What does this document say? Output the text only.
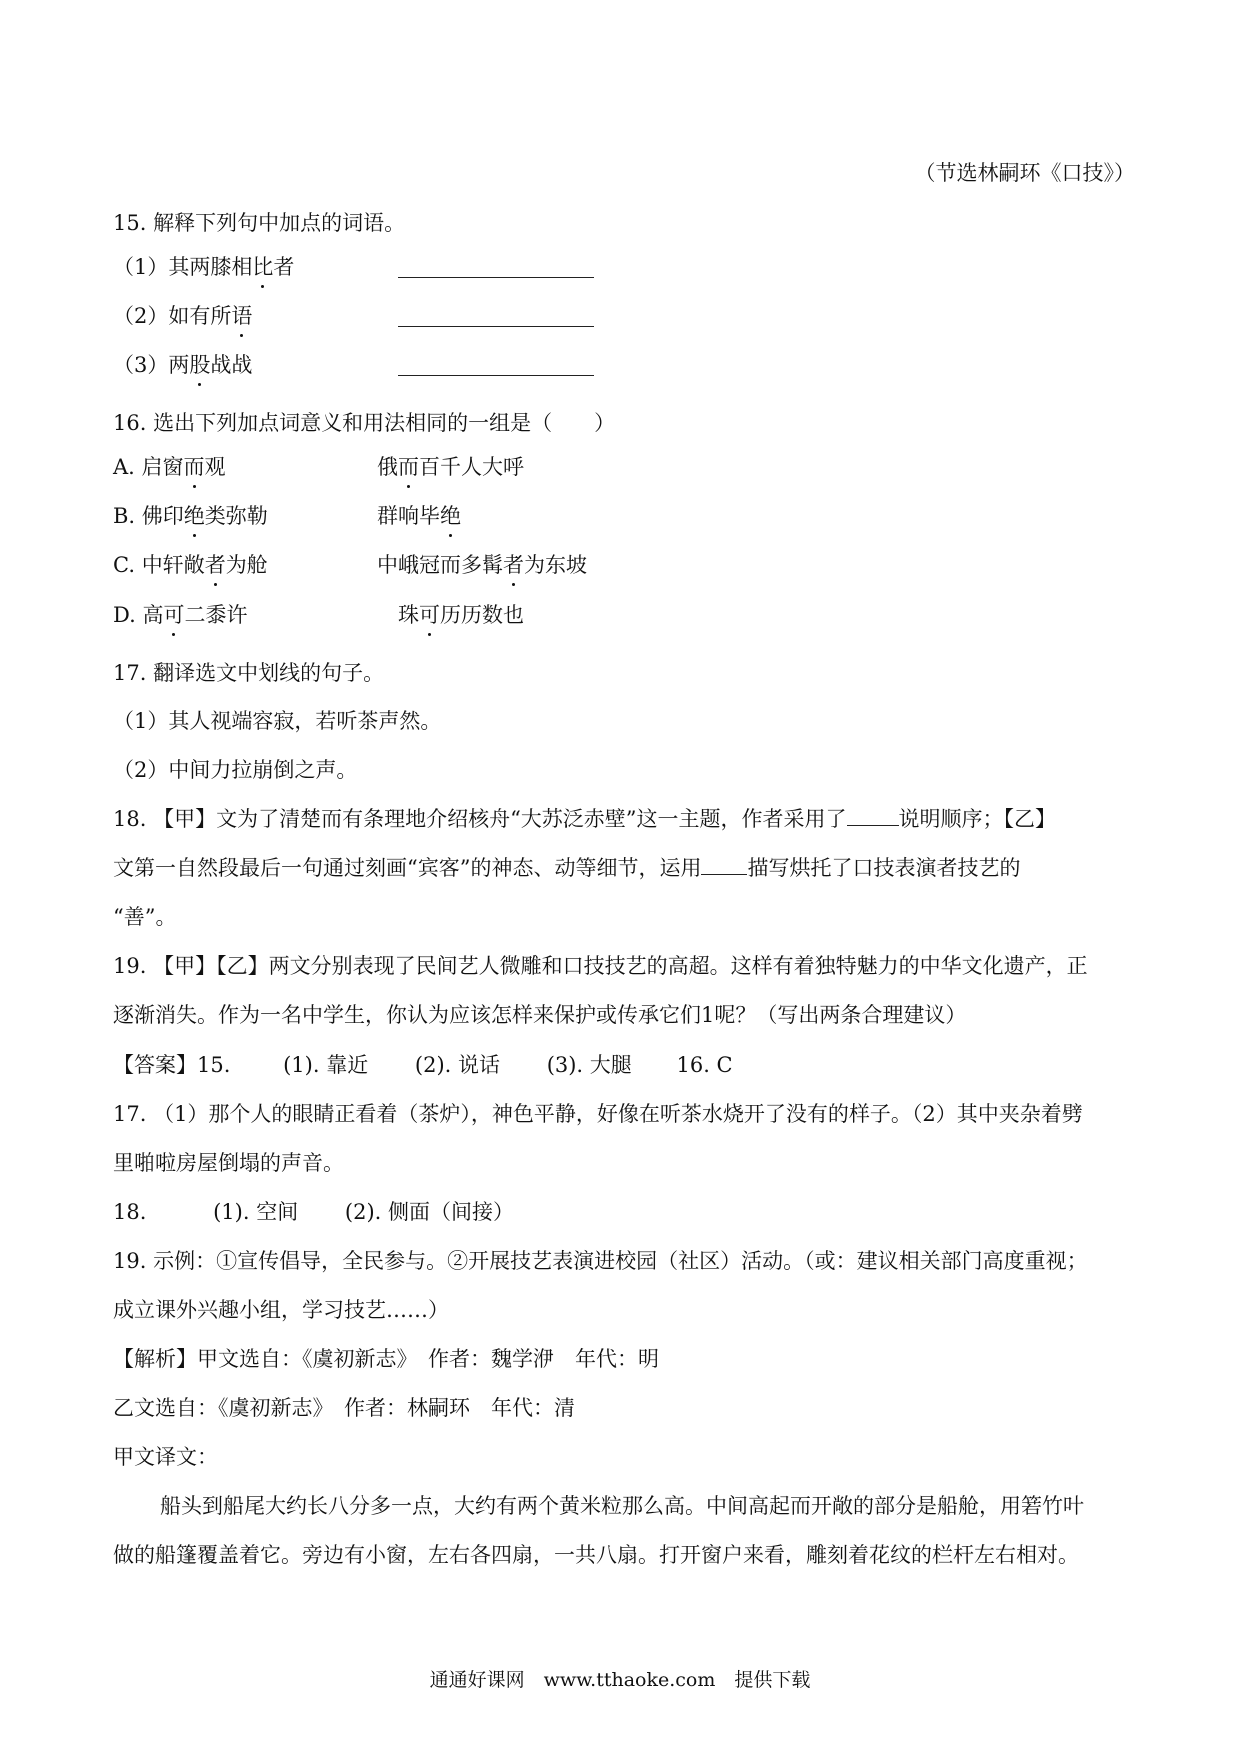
（节选林嗣环《口技》）
15. 解释下列句中加点的词语。
（1）其两膝相比者
（2）如有所语
（3）两股战战
16. 选出下列加点词意义和用法相同的一组是（　　）
A. 启窗而观	俄而百千人大呼
B. 佛印绝类弥勒	群响毕绝
C. 中轩敞者为舱	中峨冠而多髯者为东坡
D. 高可二黍许	珠可历历数也
17. 翻译选文中划线的句子。
（1）其人视端容寂，若听茶声然。
（2）中间力拉崩倒之声。
18. 【甲】文为了清楚而有条理地介绍核舟“大苏泛赤壁”这一主题，作者采用了 说明顺序；【乙】
文第一自然段最后一句通过刻画“宾客”的神态、动等细节，运用 描写烘托了口技表演者技艺的
“善”。
19. 【甲】【乙】两文分别表现了民间艺人微雕和口技技艺的高超。这样有着独特魅力的中华文化遗产，正
逐渐消失。作为一名中学生，你认为应该怎样来保护或传承它们1呢？（写出两条合理建议）
【答案】15.	(1). 靠近 (2). 说话 (3). 大腿 16. C
17. （1）那个人的眼睛正看着（茶炉），神色平静，好像在听茶水烧开了没有的样子。（2）其中夹杂着劈
里啪啦房屋倒塌的声音。
18.	(1). 空间 (2). 侧面（间接）
19. 示例：①宣传倡导，全民参与。②开展技艺表演进校园（社区）活动。（或：建议相关部门高度重视；
成立课外兴趣小组，学习技艺……）
【解析】甲文选自：《虞初新志》　作者：魏学洢　年代：明
乙文选自：《虞初新志》　作者：林嗣环　年代：清
甲文译文：
船头到船尾大约长八分多一点，大约有两个黄米粒那么高。中间高起而开敞的部分是船舱，用箬竹叶
做的船篷覆盖着它。旁边有小窗，左右各四扇，一共八扇。打开窗户来看，雕刻着花纹的栏杆左右相对。
通通好课网　www.tthaoke.com　提供下载
